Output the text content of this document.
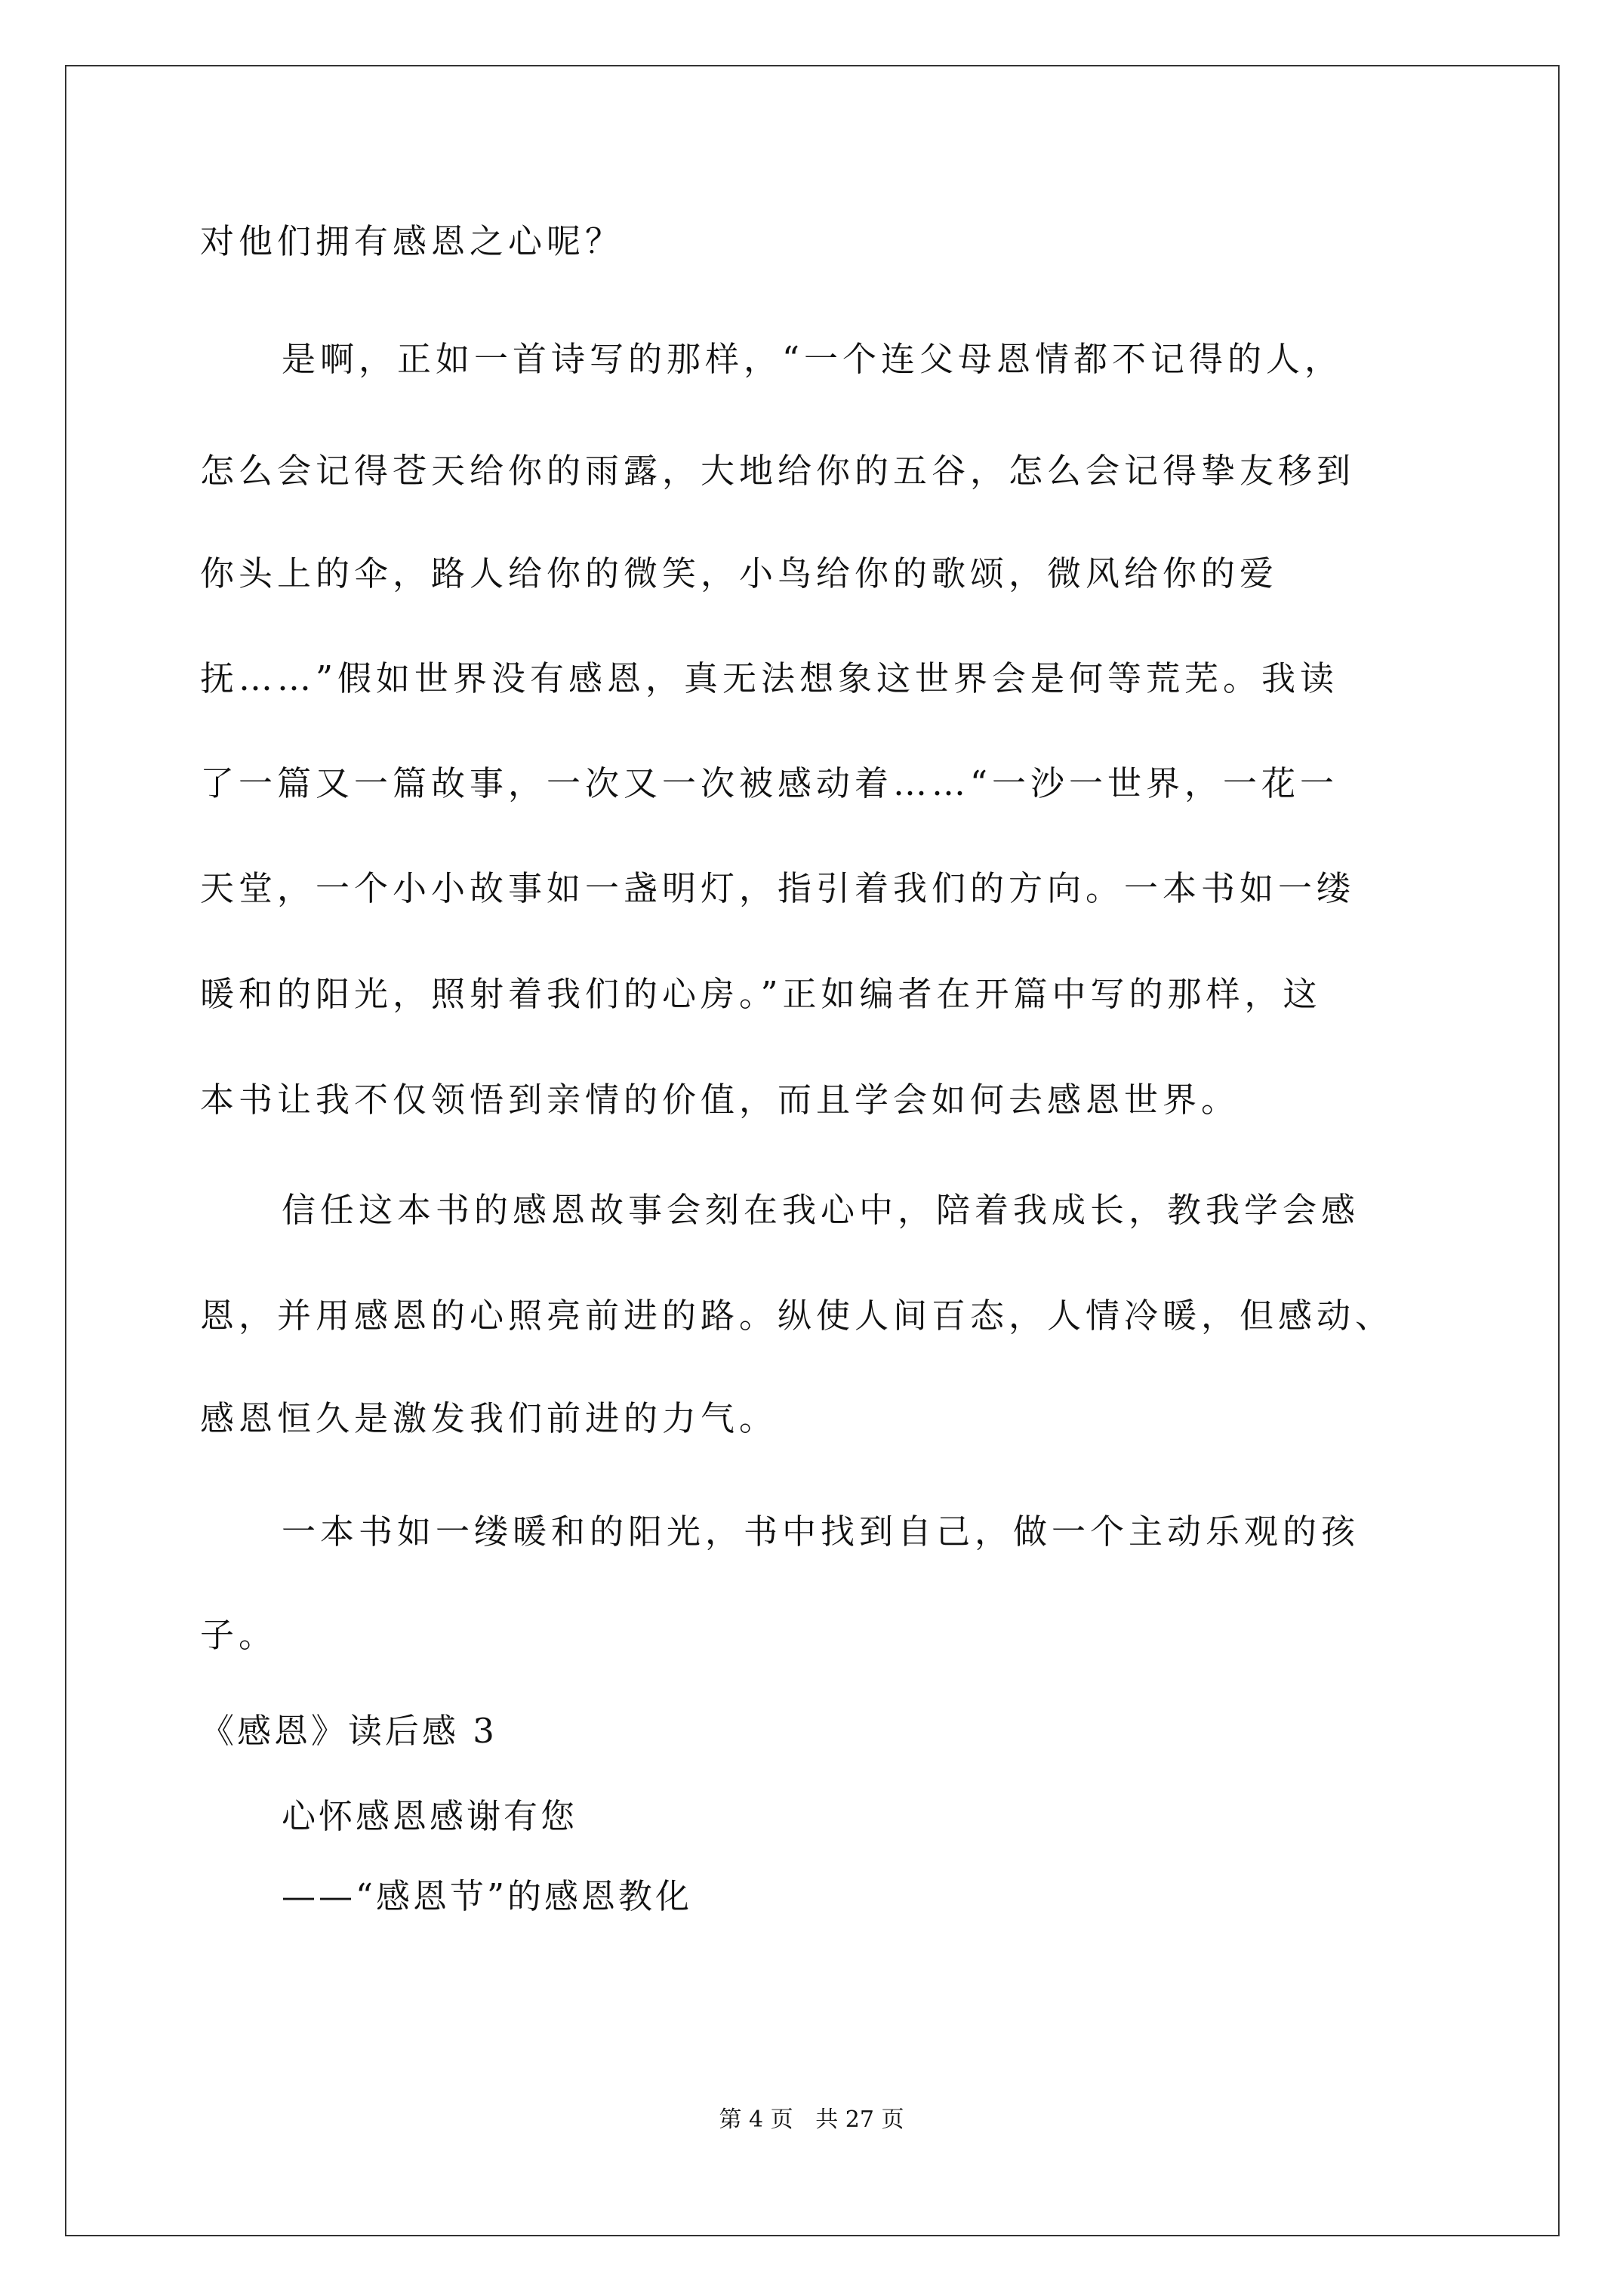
对他们拥有感恩之心呢？
是啊，正如一首诗写的那样，“一个连父母恩情都不记得的人，
怎么会记得苍天给你的雨露，大地给你的五谷，怎么会记得挚友移到
你头上的伞，路人给你的微笑，小鸟给你的歌颂，微风给你的爱
抚……”假如世界没有感恩，真无法想象这世界会是何等荒芜。我读
了一篇又一篇故事，一次又一次被感动着……“一沙一世界，一花一
天堂，一个小小故事如一盏明灯，指引着我们的方向。一本书如一缕
暖和的阳光，照射着我们的心房。”正如编者在开篇中写的那样，这
本书让我不仅领悟到亲情的价值，而且学会如何去感恩世界。
信任这本书的感恩故事会刻在我心中，陪着我成长，教我学会感
恩，并用感恩的心照亮前进的路。纵使人间百态，人情冷暖，但感动、
感恩恒久是激发我们前进的力气。
一本书如一缕暖和的阳光，书中找到自己，做一个主动乐观的孩
子。
《感恩》读后感 3
心怀感恩感谢有您
——“感恩节”的感恩教化
第 4 页 共 27 页
